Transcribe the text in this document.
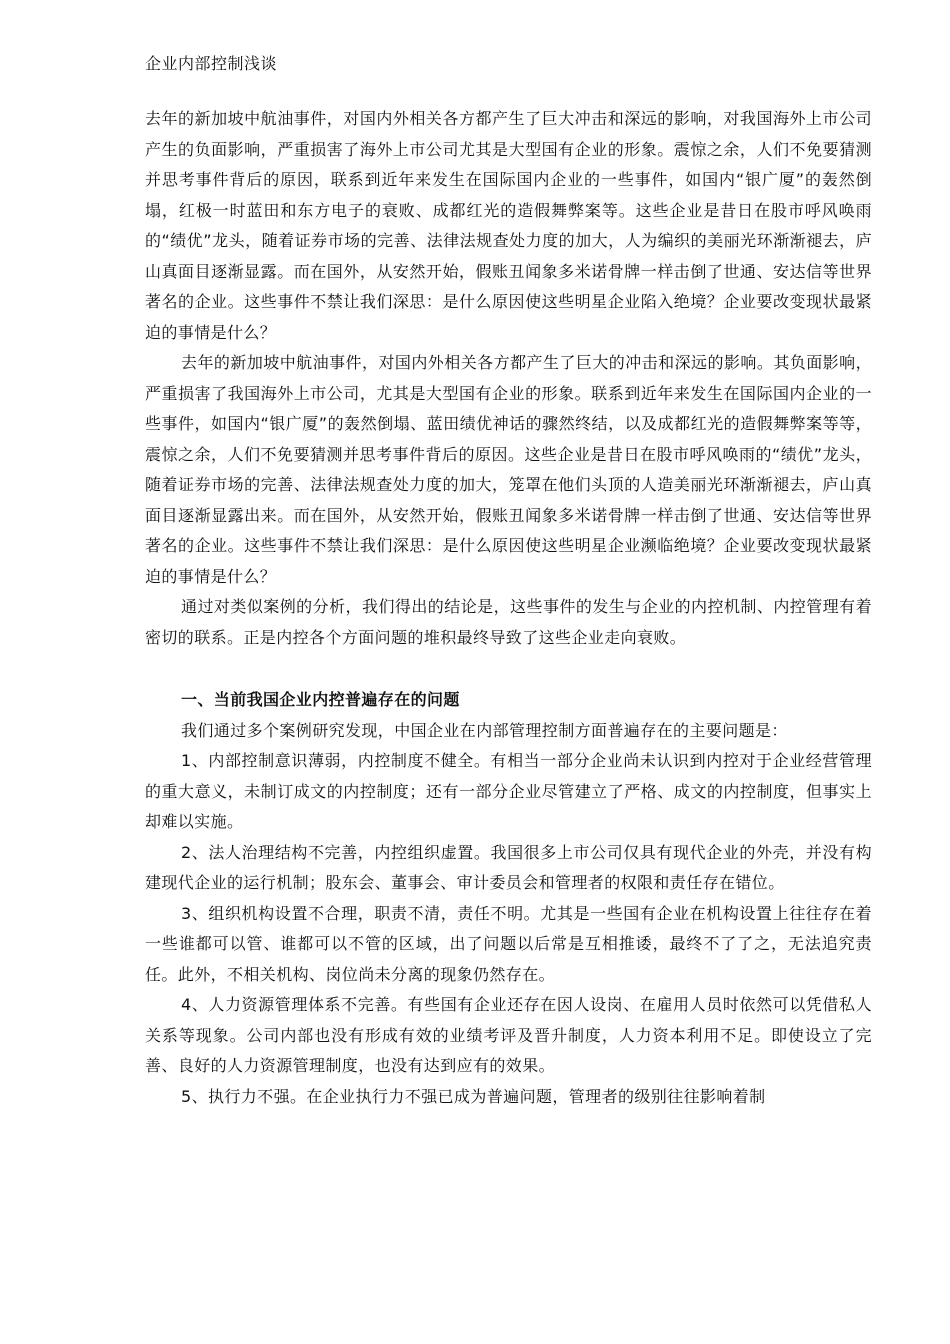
企业内部控制浅谈

去年的新加坡中航油事件，对国内外相关各方都产生了巨大冲击和深远的影响，对我国海外上市公司产生的负面影响，严重损害了海外上市公司尤其是大型国有企业的形象。震惊之余，人们不免要猜测并思考事件背后的原因，联系到近年来发生在国际国内企业的一些事件，如国内“银广厦”的轰然倒塌，红极一时蓝田和东方电子的衰败、成都红光的造假舞弊案等。这些企业是昔日在股市呼风唤雨的“绩优”龙头，随着证券市场的完善、法律法规查处力度的加大，人为编织的美丽光环渐渐褪去，庐山真面目逐渐显露。而在国外，从安然开始，假账丑闻象多米诺骨牌一样击倒了世通、安达信等世界著名的企业。这些事件不禁让我们深思：是什么原因使这些明星企业陷入绝境？企业要改变现状最紧迫的事情是什么？

去年的新加坡中航油事件，对国内外相关各方都产生了巨大的冲击和深远的影响。其负面影响，严重损害了我国海外上市公司，尤其是大型国有企业的形象。联系到近年来发生在国际国内企业的一些事件，如国内“银广厦”的轰然倒塌、蓝田绩优神话的骤然终结，以及成都红光的造假舞弊案等等，震惊之余，人们不免要猜测并思考事件背后的原因。这些企业是昔日在股市呼风唤雨的“绩优”龙头，随着证券市场的完善、法律法规查处力度的加大，笼罩在他们头顶的人造美丽光环渐渐褪去，庐山真面目逐渐显露出来。而在国外，从安然开始，假账丑闻象多米诺骨牌一样击倒了世通、安达信等世界著名的企业。这些事件不禁让我们深思：是什么原因使这些明星企业濒临绝境？企业要改变现状最紧迫的事情是什么？

通过对类似案例的分析，我们得出的结论是，这些事件的发生与企业的内控机制、内控管理有着密切的联系。正是内控各个方面问题的堆积最终导致了这些企业走向衰败。

一、当前我国企业内控普遍存在的问题

我们通过多个案例研究发现，中国企业在内部管理控制方面普遍存在的主要问题是：

1、内部控制意识薄弱，内控制度不健全。有相当一部分企业尚未认识到内控对于企业经营管理的重大意义，未制订成文的内控制度；还有一部分企业尽管建立了严格、成文的内控制度，但事实上却难以实施。

2、法人治理结构不完善，内控组织虚置。我国很多上市公司仅具有现代企业的外壳，并没有构建现代企业的运行机制；股东会、董事会、审计委员会和管理者的权限和责任存在错位。

3、组织机构设置不合理，职责不清，责任不明。尤其是一些国有企业在机构设置上往往存在着一些谁都可以管、谁都可以不管的区域，出了问题以后常是互相推诿，最终不了了之，无法追究责任。此外，不相关机构、岗位尚未分离的现象仍然存在。

4、人力资源管理体系不完善。有些国有企业还存在因人设岗、在雇用人员时依然可以凭借私人关系等现象。公司内部也没有形成有效的业绩考评及晋升制度，人力资本利用不足。即使设立了完善、良好的人力资源管理制度，也没有达到应有的效果。

5、执行力不强。在企业执行力不强已成为普遍问题，管理者的级别往往影响着制
